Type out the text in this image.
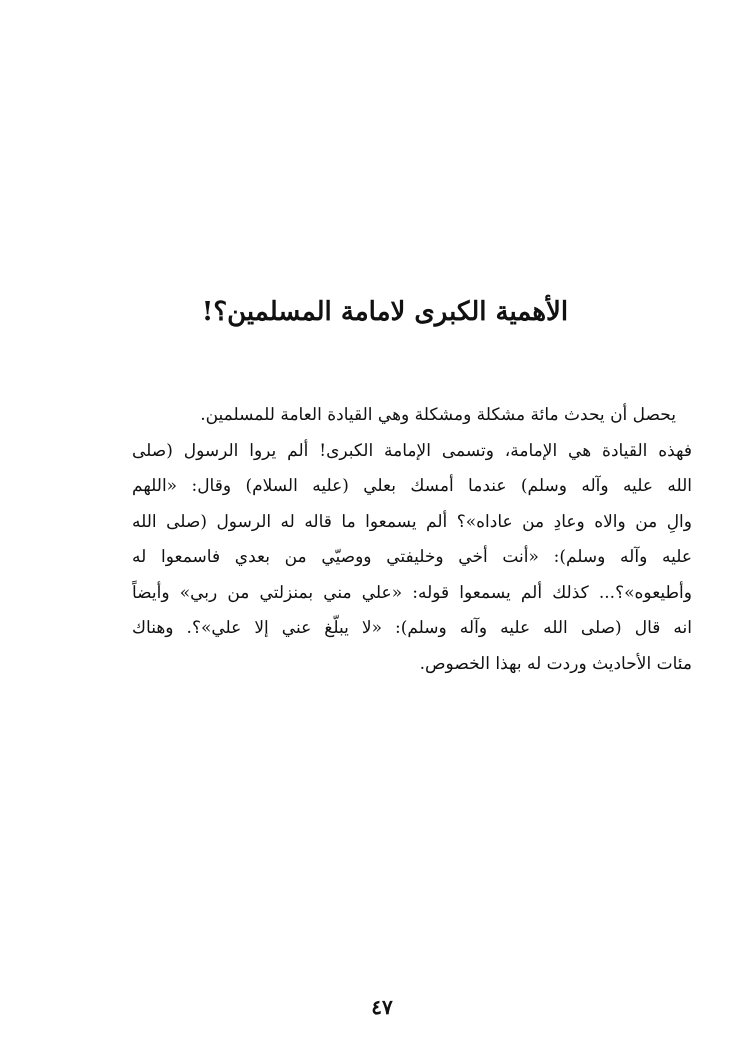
الأهمية الكبرى لامامة المسلمين؟!
يحصل أن يحدث مائة مشكلة ومشكلة وهي القيادة العامة للمسلمين.
فهذه القيادة هي الإمامة، وتسمى الإمامة الكبرى! ألم يروا الرسول (صلى
الله عليه وآله وسلم) عندما أمسك بعلي (عليه السلام) وقال: «اللهم
والِ من والاه وعادِ من عاداه»؟ ألم يسمعوا ما قاله له الرسول (صلى الله
عليه وآله وسلم): «أنت أخي وخليفتي ووصيّي من بعدي فاسمعوا له
وأطيعوه»؟... كذلك ألم يسمعوا قوله: «علي مني بمنزلتي من ربي» وأيضاً
انه قال (صلى الله عليه وآله وسلم): «لا يبلّغ عني إلا علي»؟. وهناك
مئات الأحاديث وردت له بهذا الخصوص.
٤٧
